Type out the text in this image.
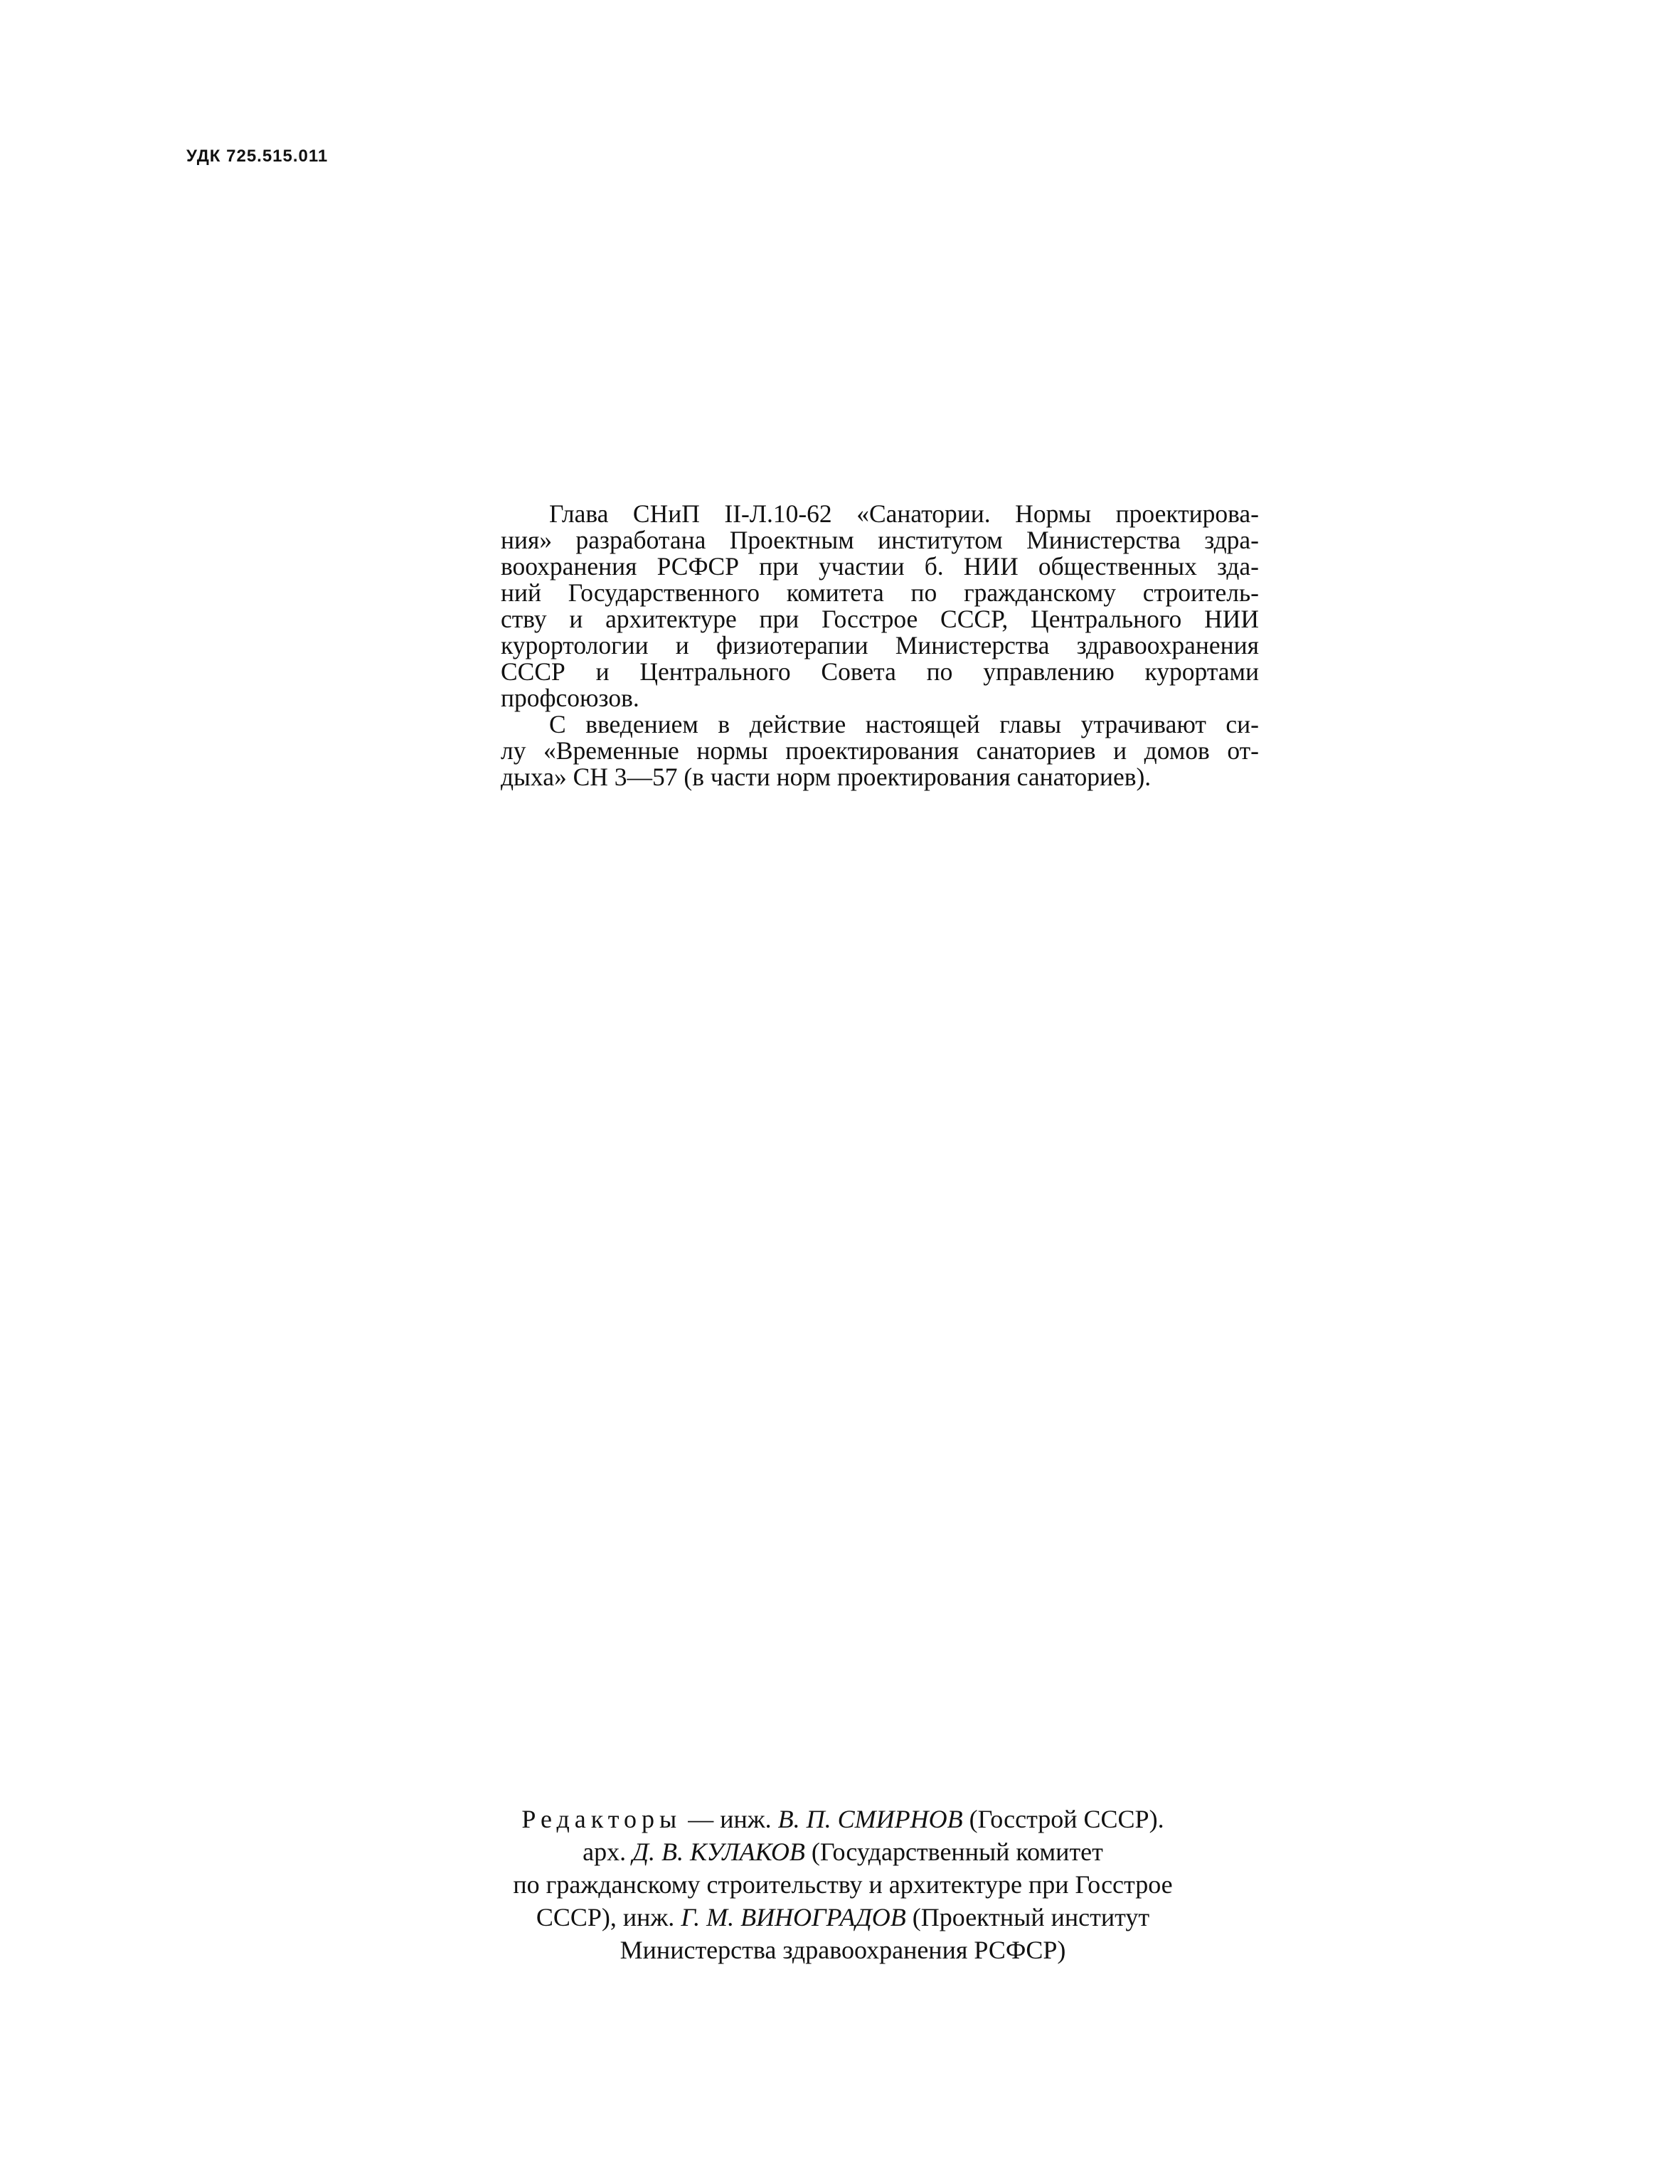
УДК 725.515.011
Глава СНиП II-Л.10-62 «Санатории. Нормы проектирова-
ния» разработана Проектным институтом Министерства здра-
воохранения РСФСР при участии б. НИИ общественных зда-
ний Государственного комитета по гражданскому строитель-
ству и архитектуре при Госстрое СССР, Центрального НИИ
курортологии и физиотерапии Министерства здравоохранения
СССР и Центрального Совета по управлению курортами
профсоюзов.
С введением в действие настоящей главы утрачивают си-
лу «Временные нормы проектирования санаториев и домов от-
дыха» СН 3—57 (в части норм проектирования санаториев).
Редакторы — инж. В. П. СМИРНОВ (Госстрой СССР).
арх. Д. В. КУЛАКОВ (Государственный комитет
по гражданскому строительству и архитектуре при Госстрое
СССР), инж. Г. М. ВИНОГРАДОВ (Проектный институт
Министерства здравоохранения РСФСР)
